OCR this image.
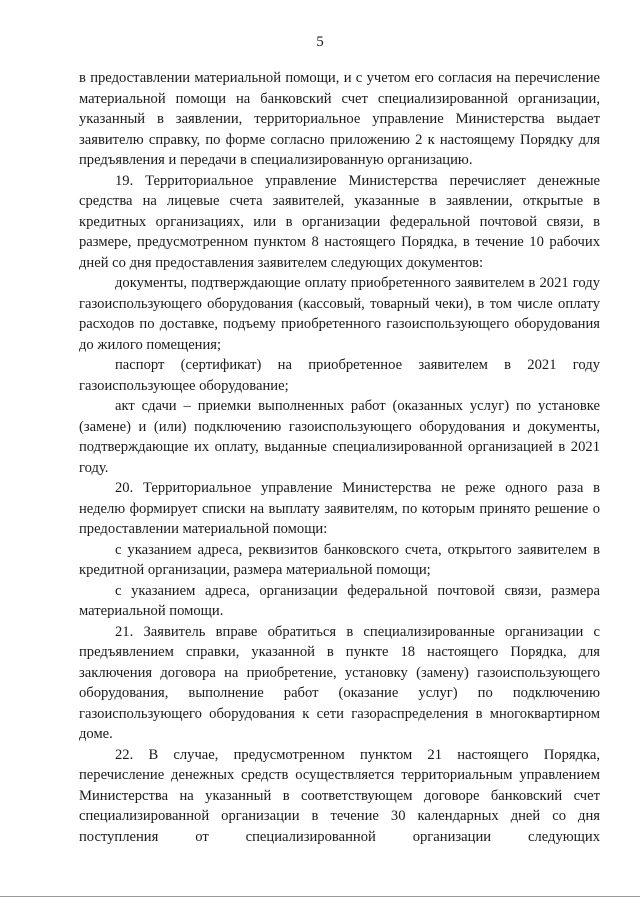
5

в предоставлении материальной помощи, и с учетом его согласия на перечисление материальной помощи на банковский счет специализированной организации, указанный в заявлении, территориальное управление Министерства выдает заявителю справку, по форме согласно приложению 2 к настоящему Порядку для предъявления и передачи в специализированную организацию.

19. Территориальное управление Министерства перечисляет денежные средства на лицевые счета заявителей, указанные в заявлении, открытые в кредитных организациях, или в организации федеральной почтовой связи, в размере, предусмотренном пунктом 8 настоящего Порядка, в течение 10 рабочих дней со дня предоставления заявителем следующих документов:

документы, подтверждающие оплату приобретенного заявителем в 2021 году газоиспользующего оборудования (кассовый, товарный чеки), в том числе оплату расходов по доставке, подъему приобретенного газоиспользующего оборудования до жилого помещения;

паспорт (сертификат) на приобретенное заявителем в 2021 году газоиспользующее оборудование;

акт сдачи – приемки выполненных работ (оказанных услуг) по установке (замене) и (или) подключению газоиспользующего оборудования и документы, подтверждающие их оплату, выданные специализированной организацией в 2021 году.

20. Территориальное управление Министерства не реже одного раза в неделю формирует списки на выплату заявителям, по которым принято решение о предоставлении материальной помощи:

с указанием адреса, реквизитов банковского счета, открытого заявителем в кредитной организации, размера материальной помощи;

с указанием адреса, организации федеральной почтовой связи, размера материальной помощи.

21. Заявитель вправе обратиться в специализированные организации с предъявлением справки, указанной в пункте 18 настоящего Порядка, для заключения договора на приобретение, установку (замену) газоиспользующего оборудования, выполнение работ (оказание услуг) по подключению газоиспользующего оборудования к сети газораспределения в многоквартирном доме.

22. В случае, предусмотренном пунктом 21 настоящего Порядка, перечисление денежных средств осуществляется территориальным управлением Министерства на указанный в соответствующем договоре банковский счет специализированной организации в течение 30 календарных дней со дня поступления от специализированной организации следующих
